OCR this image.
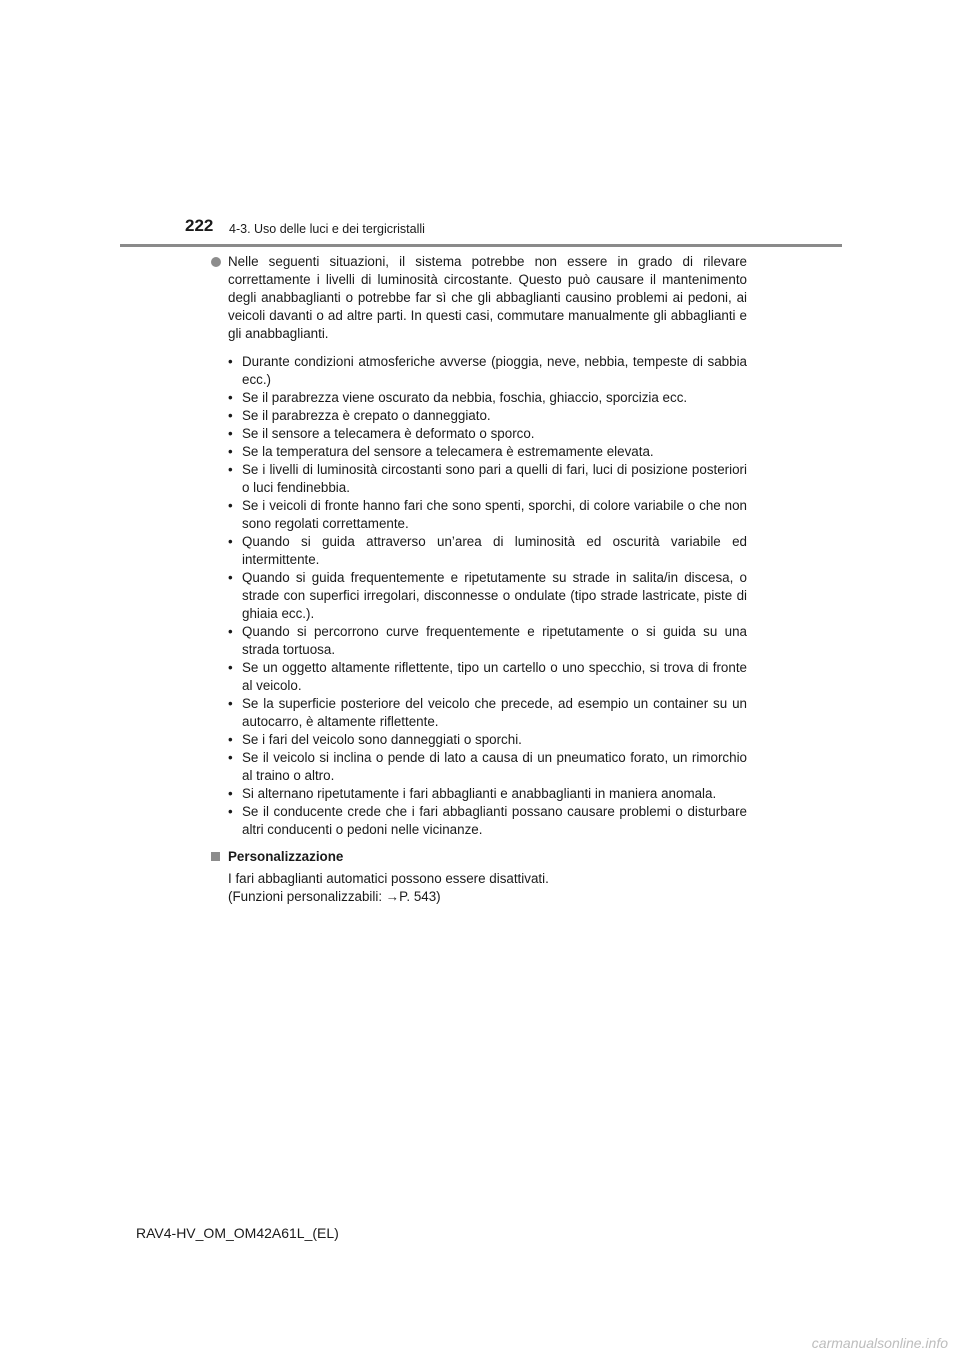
222 4-3. Uso delle luci e dei tergicristalli

Nelle seguenti situazioni, il sistema potrebbe non essere in grado di rilevare correttamente i livelli di luminosità circostante. Questo può causare il mantenimento degli anabbaglianti o potrebbe far sì che gli abbaglianti causino problemi ai pedoni, ai veicoli davanti o ad altre parti. In questi casi, commutare manualmente gli abbaglianti e gli anabbaglianti.

• Durante condizioni atmosferiche avverse (pioggia, neve, nebbia, tempeste di sabbia ecc.)
• Se il parabrezza viene oscurato da nebbia, foschia, ghiaccio, sporcizia ecc.
• Se il parabrezza è crepato o danneggiato.
• Se il sensore a telecamera è deformato o sporco.
• Se la temperatura del sensore a telecamera è estremamente elevata.
• Se i livelli di luminosità circostanti sono pari a quelli di fari, luci di posizione posteriori o luci fendinebbia.
• Se i veicoli di fronte hanno fari che sono spenti, sporchi, di colore variabile o che non sono regolati correttamente.
• Quando si guida attraverso un’area di luminosità ed oscurità variabile ed intermittente.
• Quando si guida frequentemente e ripetutamente su strade in salita/in discesa, o strade con superfici irregolari, disconnesse o ondulate (tipo strade lastricate, piste di ghiaia ecc.).
• Quando si percorrono curve frequentemente e ripetutamente o si guida su una strada tortuosa.
• Se un oggetto altamente riflettente, tipo un cartello o uno specchio, si trova di fronte al veicolo.
• Se la superficie posteriore del veicolo che precede, ad esempio un container su un autocarro, è altamente riflettente.
• Se i fari del veicolo sono danneggiati o sporchi.
• Se il veicolo si inclina o pende di lato a causa di un pneumatico forato, un rimorchio al traino o altro.
• Si alternano ripetutamente i fari abbaglianti e anabbaglianti in maniera anomala.
• Se il conducente crede che i fari abbaglianti possano causare problemi o disturbare altri conducenti o pedoni nelle vicinanze.

Personalizzazione

I fari abbaglianti automatici possono essere disattivati.
(Funzioni personalizzabili: →P. 543)
RAV4-HV_OM_OM42A61L_(EL)
carmanualsonline.info
